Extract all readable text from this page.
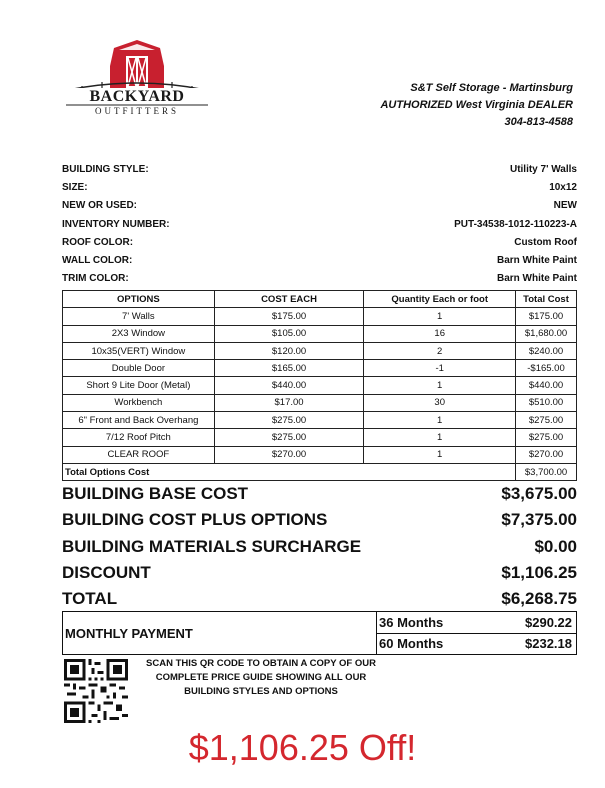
BACKYARD
OUTFITTERS
S&T Self Storage - Martinsburg
AUTHORIZED West Virginia DEALER
304-813-4588
BUILDING STYLE:	Utility 7' Walls
SIZE:	10x12
NEW OR USED:	NEW
INVENTORY NUMBER:	PUT-34538-1012-110223-A
ROOF COLOR:	Custom Roof
WALL COLOR:	Barn White Paint
TRIM COLOR:	Barn White Paint
OPTIONS	COST EACH	Quantity Each or foot	Total Cost
7' Walls	$175.00	1	$175.00
2X3 Window	$105.00	16	$1,680.00
10x35(VERT) Window	$120.00	2	$240.00
Double Door	$165.00	-1	-$165.00
Short 9 Lite Door (Metal)	$440.00	1	$440.00
Workbench	$17.00	30	$510.00
6" Front and Back Overhang	$275.00	1	$275.00
7/12 Roof Pitch	$275.00	1	$275.00
CLEAR ROOF	$270.00	1	$270.00
Total Options Cost			$3,700.00
BUILDING BASE COST	$3,675.00
BUILDING COST PLUS OPTIONS	$7,375.00
BUILDING MATERIALS SURCHARGE	$0.00
DISCOUNT	$1,106.25
TOTAL	$6,268.75
MONTHLY PAYMENT
36 Months	$290.22
60 Months	$232.18
SCAN THIS QR CODE TO OBTAIN A COPY OF OUR COMPLETE PRICE GUIDE SHOWING ALL OUR BUILDING STYLES AND OPTIONS
$1,106.25 Off!
